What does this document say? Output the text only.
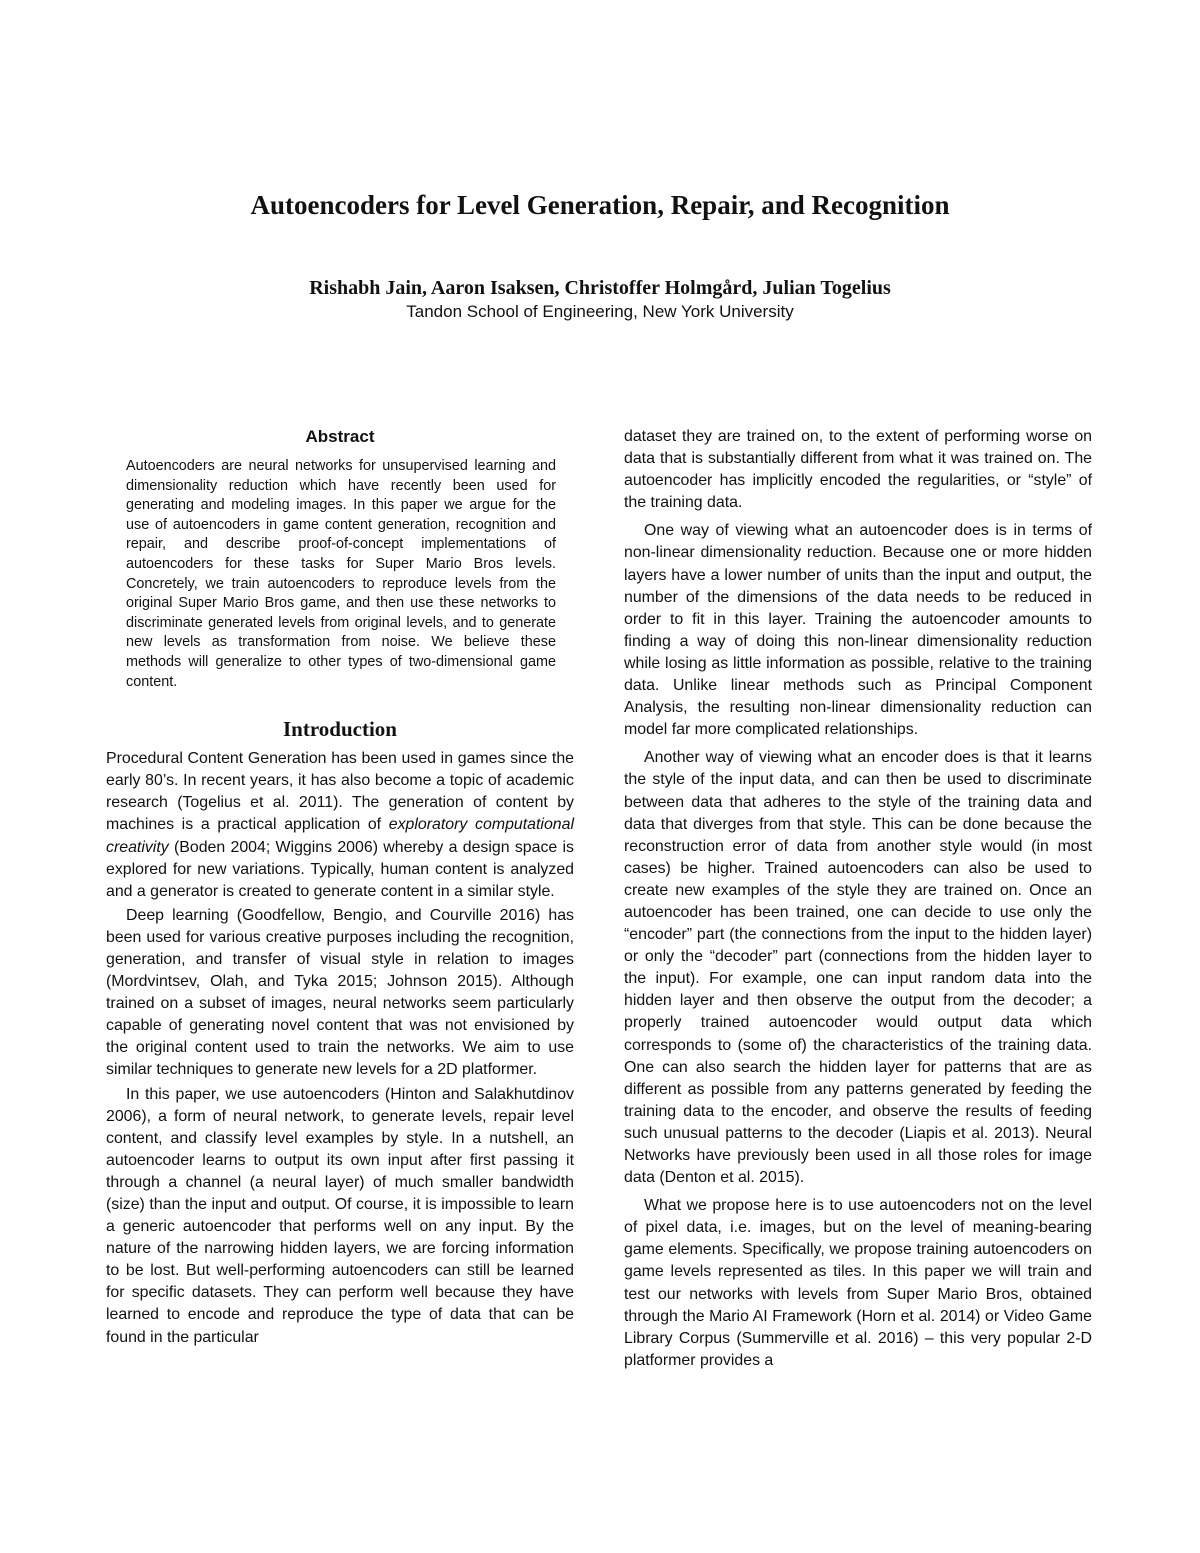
Autoencoders for Level Generation, Repair, and Recognition
Rishabh Jain, Aaron Isaksen, Christoffer Holmgård, Julian Togelius
Tandon School of Engineering, New York University
Abstract

Autoencoders are neural networks for unsupervised learning and dimensionality reduction which have recently been used for generating and modeling images. In this paper we argue for the use of autoencoders in game content generation, recognition and repair, and describe proof-of-concept implementations of autoencoders for these tasks for Super Mario Bros levels. Concretely, we train autoencoders to reproduce levels from the original Super Mario Bros game, and then use these networks to discriminate generated levels from original levels, and to generate new levels as transformation from noise. We believe these methods will generalize to other types of two-dimensional game content.

Introduction

Procedural Content Generation has been used in games since the early 80’s. In recent years, it has also become a topic of academic research (Togelius et al. 2011). The generation of content by machines is a practical application of exploratory computational creativity (Boden 2004; Wiggins 2006) whereby a design space is explored for new variations. Typically, human content is analyzed and a generator is created to generate content in a similar style.

Deep learning (Goodfellow, Bengio, and Courville 2016) has been used for various creative purposes including the recognition, generation, and transfer of visual style in relation to images (Mordvintsev, Olah, and Tyka 2015; Johnson 2015). Although trained on a subset of images, neural networks seem particularly capable of generating novel content that was not envisioned by the original content used to train the networks. We aim to use similar techniques to generate new levels for a 2D platformer.

In this paper, we use autoencoders (Hinton and Salakhutdinov 2006), a form of neural network, to generate levels, repair level content, and classify level examples by style. In a nutshell, an autoencoder learns to output its own input after first passing it through a channel (a neural layer) of much smaller bandwidth (size) than the input and output. Of course, it is impossible to learn a generic autoencoder that performs well on any input. By the nature of the narrowing hidden layers, we are forcing information to be lost. But well-performing autoencoders can still be learned for specific datasets. They can perform well because they have learned to encode and reproduce the type of data that can be found in the particular

dataset they are trained on, to the extent of performing worse on data that is substantially different from what it was trained on. The autoencoder has implicitly encoded the regularities, or “style” of the training data.

One way of viewing what an autoencoder does is in terms of non-linear dimensionality reduction. Because one or more hidden layers have a lower number of units than the input and output, the number of the dimensions of the data needs to be reduced in order to fit in this layer. Training the autoencoder amounts to finding a way of doing this non-linear dimensionality reduction while losing as little information as possible, relative to the training data. Unlike linear methods such as Principal Component Analysis, the resulting non-linear dimensionality reduction can model far more complicated relationships.

Another way of viewing what an encoder does is that it learns the style of the input data, and can then be used to discriminate between data that adheres to the style of the training data and data that diverges from that style. This can be done because the reconstruction error of data from another style would (in most cases) be higher. Trained autoencoders can also be used to create new examples of the style they are trained on. Once an autoencoder has been trained, one can decide to use only the “encoder” part (the connections from the input to the hidden layer) or only the “decoder” part (connections from the hidden layer to the input). For example, one can input random data into the hidden layer and then observe the output from the decoder; a properly trained autoencoder would output data which corresponds to (some of) the characteristics of the training data. One can also search the hidden layer for patterns that are as different as possible from any patterns generated by feeding the training data to the encoder, and observe the results of feeding such unusual patterns to the decoder (Liapis et al. 2013). Neural Networks have previously been used in all those roles for image data (Denton et al. 2015).

What we propose here is to use autoencoders not on the level of pixel data, i.e. images, but on the level of meaning-bearing game elements. Specifically, we propose training autoencoders on game levels represented as tiles. In this paper we will train and test our networks with levels from Super Mario Bros, obtained through the Mario AI Framework (Horn et al. 2014) or Video Game Library Corpus (Summerville et al. 2016) – this very popular 2-D platformer provides a
